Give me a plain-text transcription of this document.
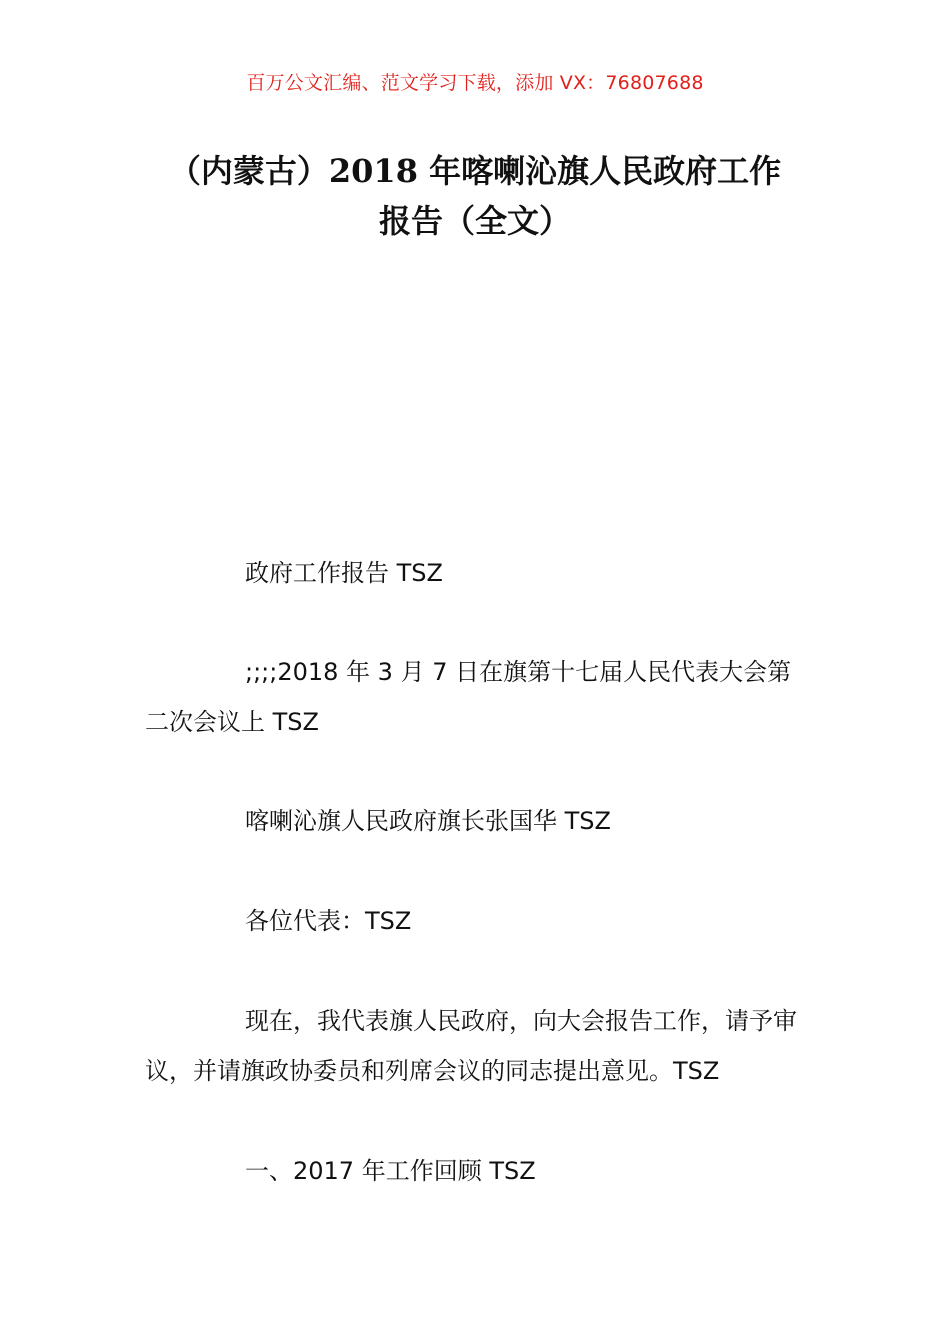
百万公文汇编、范文学习下载，添加 VX：76807688
（内蒙古）2018 年喀喇沁旗人民政府工作
报告（全文）

政府工作报告 TSZ

;;;;2018 年 3 月 7 日在旗第十七届人民代表大会第二次会议上 TSZ

喀喇沁旗人民政府旗长张国华 TSZ

各位代表：TSZ

现在，我代表旗人民政府，向大会报告工作，请予审议，并请旗政协委员和列席会议的同志提出意见。TSZ

一、2017 年工作回顾 TSZ
